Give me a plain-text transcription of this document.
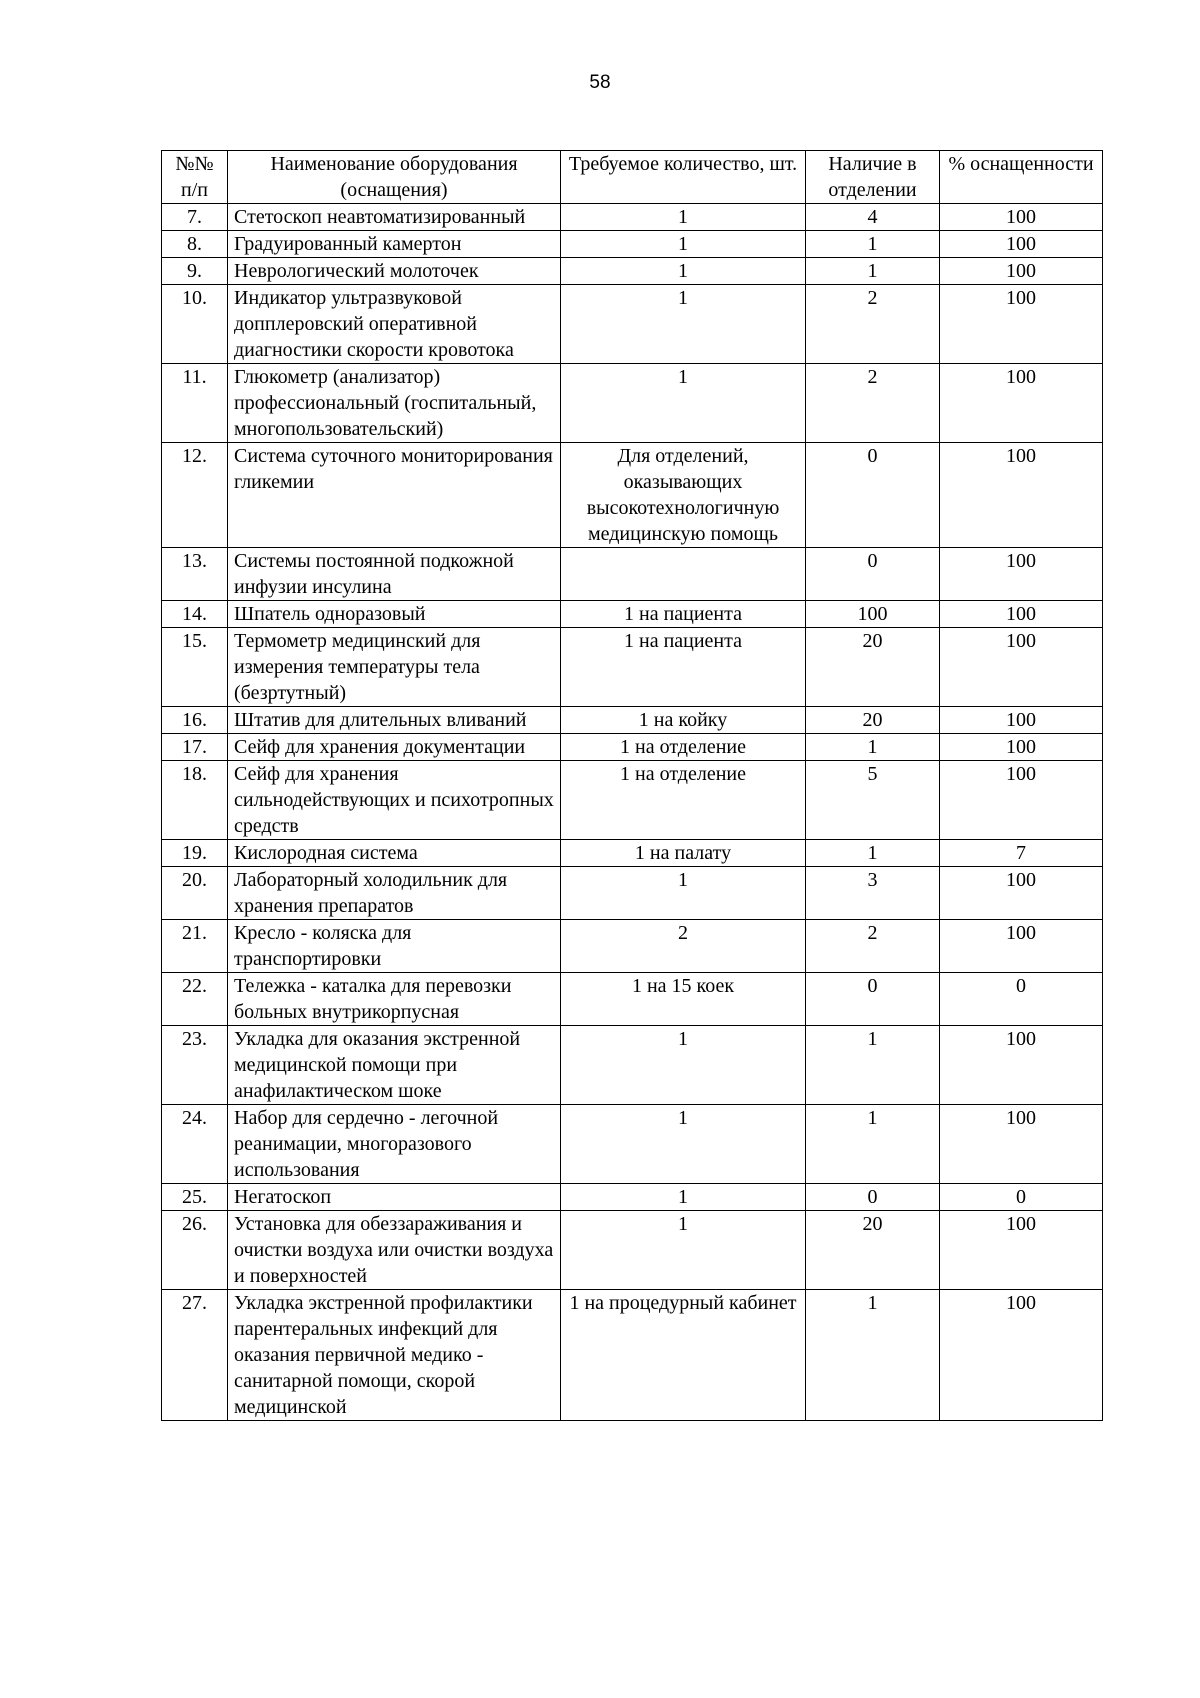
58
№№ п/п	Наименование оборудования (оснащения)	Требуемое количество, шт.	Наличие в отделении	% оснащенности
7.	Стетоскоп неавтоматизированный	1	4	100
8.	Градуированный камертон	1	1	100
9.	Неврологический молоточек	1	1	100
10.	Индикатор ультразвуковой допплеровский оперативной диагностики скорости кровотока	1	2	100
11.	Глюкометр (анализатор) профессиональный (госпитальный, многопользовательский)	1	2	100
12.	Система суточного мониторирования гликемии	Для отделений, оказывающих высокотехнологичную медицинскую помощь	0	100
13.	Системы постоянной подкожной инфузии инсулина		0	100
14.	Шпатель одноразовый	1 на пациента	100	100
15.	Термометр медицинский для измерения температуры тела (безртутный)	1 на пациента	20	100
16.	Штатив для длительных вливаний	1 на койку	20	100
17.	Сейф для хранения документации	1 на отделение	1	100
18.	Сейф для хранения сильнодействующих и психотропных средств	1 на отделение	5	100
19.	Кислородная система	1 на палату	1	7
20.	Лабораторный холодильник для хранения препаратов	1	3	100
21.	Кресло - коляска для транспортировки	2	2	100
22.	Тележка - каталка для перевозки больных внутрикорпусная	1 на 15 коек	0	0
23.	Укладка для оказания экстренной медицинской помощи при анафилактическом шоке	1	1	100
24.	Набор для сердечно - легочной реанимации, многоразового использования	1	1	100
25.	Негатоскоп	1	0	0
26.	Установка для обеззараживания и очистки воздуха или очистки воздуха и поверхностей	1	20	100
27.	Укладка экстренной профилактики парентеральных инфекций для оказания первичной медико - санитарной помощи, скорой медицинской	1 на процедурный кабинет	1	100
